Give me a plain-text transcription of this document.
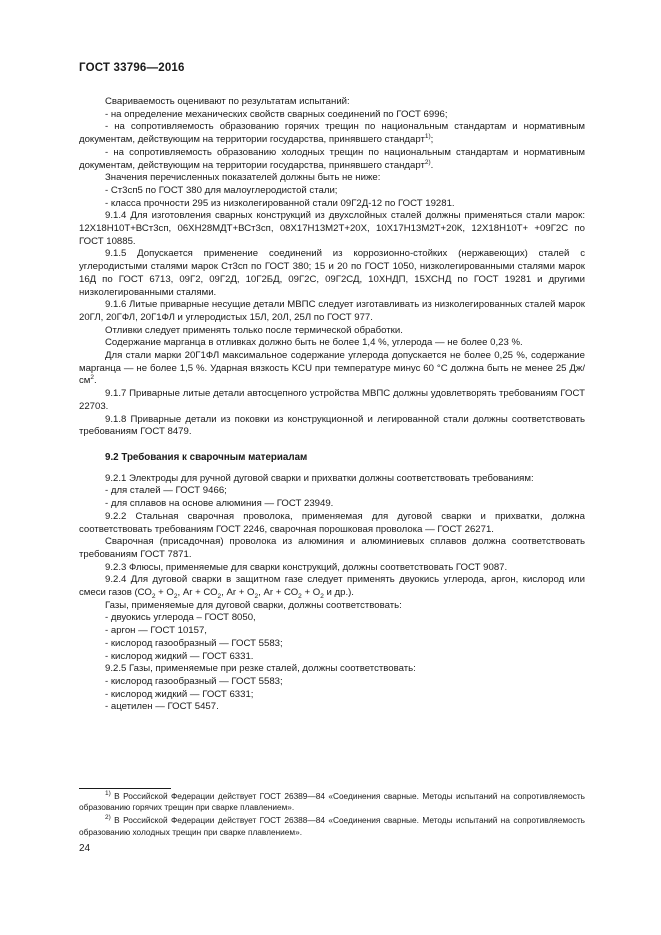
ГОСТ 33796—2016

Свариваемость оценивают по результатам испытаний:

- на определение механических свойств сварных соединений по ГОСТ 6996;

- на сопротивляемость образованию горячих трещин по национальным стандартам и нормативным документам, действующим на территории государства, принявшего стандарт$^{1)}$;

- на сопротивляемость образованию холодных трещин по национальным стандартам и нормативным документам, действующим на территории государства, принявшего стандарт$^{2)}$.

Значения перечисленных показателей должны быть не ниже:

- Ст3сп5 по ГОСТ 380 для малоуглеродистой стали;

- класса прочности 295 из низколегированной стали 09Г2Д-12 по ГОСТ 19281.

9.1.4 Для изготовления сварных конструкций из двухслойных сталей должны применяться стали марок: 12Х18Н10Т+ВСт3сп, 06ХН28МДТ+ВСт3сп, 08Х17Н13М2Т+20Х, 10Х17Н13М2Т+20К, 12Х18Н10Т+ +09Г2С по ГОСТ 10885.

9.1.5 Допускается применение соединений из коррозионно-стойких (нержавеющих) сталей с углеродистыми сталями марок Ст3сп по ГОСТ 380; 15 и 20 по ГОСТ 1050, низколегированными сталями марок 16Д по ГОСТ 6713, 09Г2, 09Г2Д, 10Г2БД, 09Г2С, 09Г2СД, 10ХНДП, 15ХСНД по ГОСТ 19281 и другими низколегированными сталями.

9.1.6 Литые приварные несущие детали МВПС следует изготавливать из низколегированных сталей марок 20ГЛ, 20ГФЛ, 20Г1ФЛ и углеродистых 15Л, 20Л, 25Л по ГОСТ 977.

Отливки следует применять только после термической обработки.

Содержание марганца в отливках должно быть не более 1,4 %, углерода — не более 0,23 %.

Для стали марки 20Г1ФЛ максимальное содержание углерода допускается не более 0,25 %, содержание марганца — не более 1,5 %. Ударная вязкость KCU при температуре минус 60 °С должна быть не менее 25 $Дж/см^2$.

9.1.7 Приварные литые детали автосцепного устройства МВПС должны удовлетворять требованиям ГОСТ 22703.

9.1.8 Приварные детали из поковки из конструкционной и легированной стали должны соответствовать требованиям ГОСТ 8479.

9.2 Требования к сварочным материалам

9.2.1 Электроды для ручной дуговой сварки и прихватки должны соответствовать требованиям:

- для сталей — ГОСТ 9466;

- для сплавов на основе алюминия — ГОСТ 23949.

9.2.2 Стальная сварочная проволока, применяемая для дуговой сварки и прихватки, должна соответствовать требованиям ГОСТ 2246, сварочная порошковая проволока — ГОСТ 26271.

Сварочная (присадочная) проволока из алюминия и алюминиевых сплавов должна соответствовать требованиям ГОСТ 7871.

9.2.3 Флюсы, применяемые для сварки конструкций, должны соответствовать ГОСТ 9087.

9.2.4 Для дуговой сварки в защитном газе следует применять двуокись углерода, аргон, кислород или смеси газов ($СО_2 + О_2$, $Ar + СО_2$, $Ar + О_2$, $Ar + СО_2 + О_2$ и др.).

Газы, применяемые для дуговой сварки, должны соответствовать:

- двуокись углерода – ГОСТ 8050,

- аргон — ГОСТ 10157,

- кислород газообразный — ГОСТ 5583;

- кислород жидкий — ГОСТ 6331.

9.2.5 Газы, применяемые при резке сталей, должны соответствовать:

- кислород газообразный — ГОСТ 5583;

- кислород жидкий — ГОСТ 6331;

- ацетилен — ГОСТ 5457.

$^{1)}$ В Российской Федерации действует ГОСТ 26389—84 «Соединения сварные. Методы испытаний на сопротивляемость образованию горячих трещин при сварке плавлением».

$^{2)}$ В Российской Федерации действует ГОСТ 26388—84 «Соединения сварные. Методы испытаний на сопротивляемость образованию холодных трещин при сварке плавлением».

24
